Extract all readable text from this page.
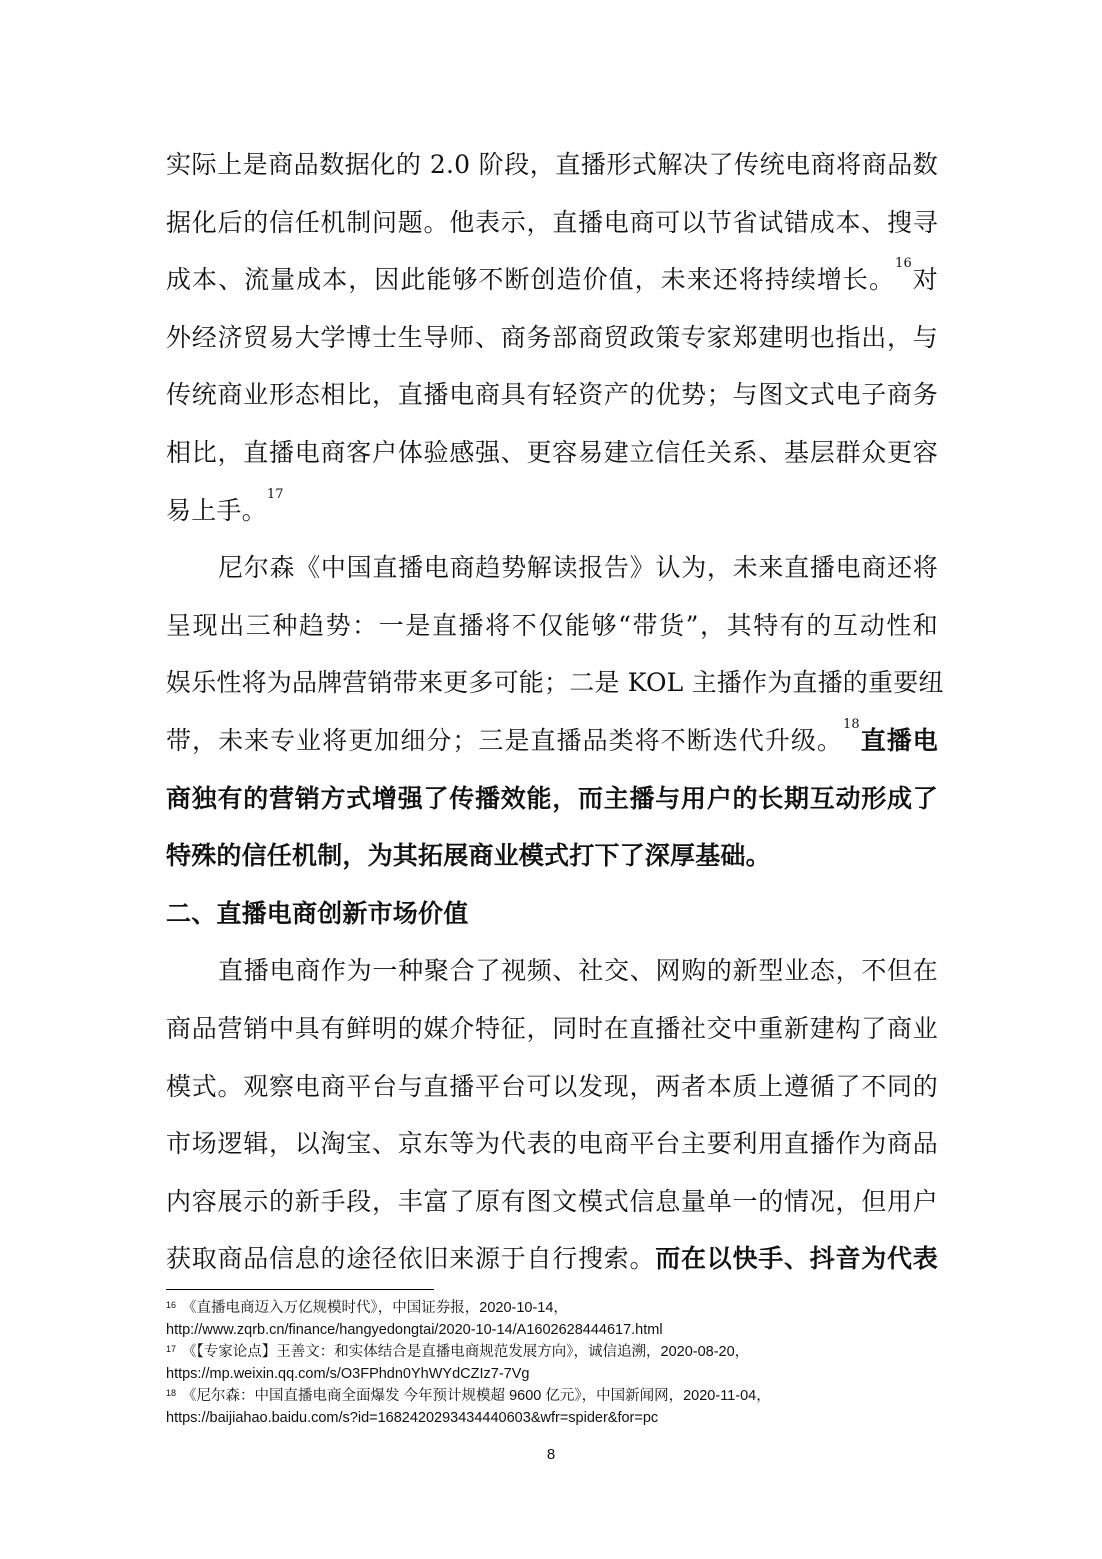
实际上是商品数据化的 2.0 阶段，直播形式解决了传统电商将商品数
据化后的信任机制问题。他表示，直播电商可以节省试错成本、搜寻
成本、流量成本，因此能够不断创造价值，未来还将持续增长。$^{16}$对
外经济贸易大学博士生导师、商务部商贸政策专家郑建明也指出，与
传统商业形态相比，直播电商具有轻资产的优势；与图文式电子商务
相比，直播电商客户体验感强、更容易建立信任关系、基层群众更容
易上手。$^{17}$
尼尔森《中国直播电商趋势解读报告》认为，未来直播电商还将
呈现出三种趋势：一是直播将不仅能够“带货”，其特有的互动性和
娱乐性将为品牌营销带来更多可能；二是 KOL 主播作为直播的重要纽
带，未来专业将更加细分；三是直播品类将不断迭代升级。$^{18}$直播电
商独有的营销方式增强了传播效能，而主播与用户的长期互动形成了
特殊的信任机制，为其拓展商业模式打下了深厚基础。
二、直播电商创新市场价值
直播电商作为一种聚合了视频、社交、网购的新型业态，不但在
商品营销中具有鲜明的媒介特征，同时在直播社交中重新建构了商业
模式。观察电商平台与直播平台可以发现，两者本质上遵循了不同的
市场逻辑，以淘宝、京东等为代表的电商平台主要利用直播作为商品
内容展示的新手段，丰富了原有图文模式信息量单一的情况，但用户
获取商品信息的途径依旧来源于自行搜索。而在以快手、抖音为代表
$^{16}$ 《直播电商迈入万亿规模时代》，中国证券报，2020-10-14，
http://www.zqrb.cn/finance/hangyedongtai/2020-10-14/A1602628444617.html
$^{17}$ 《【专家论点】王善文：和实体结合是直播电商规范发展方向》，诚信追溯，2020-08-20，
https://mp.weixin.qq.com/s/O3FPhdn0YhWYdCZIz7-7Vg
$^{18}$ 《尼尔森：中国直播电商全面爆发 今年预计规模超 9600 亿元》，中国新闻网，2020-11-04，
https://baijiahao.baidu.com/s?id=1682420293434440603&wfr=spider&for=pc
8
